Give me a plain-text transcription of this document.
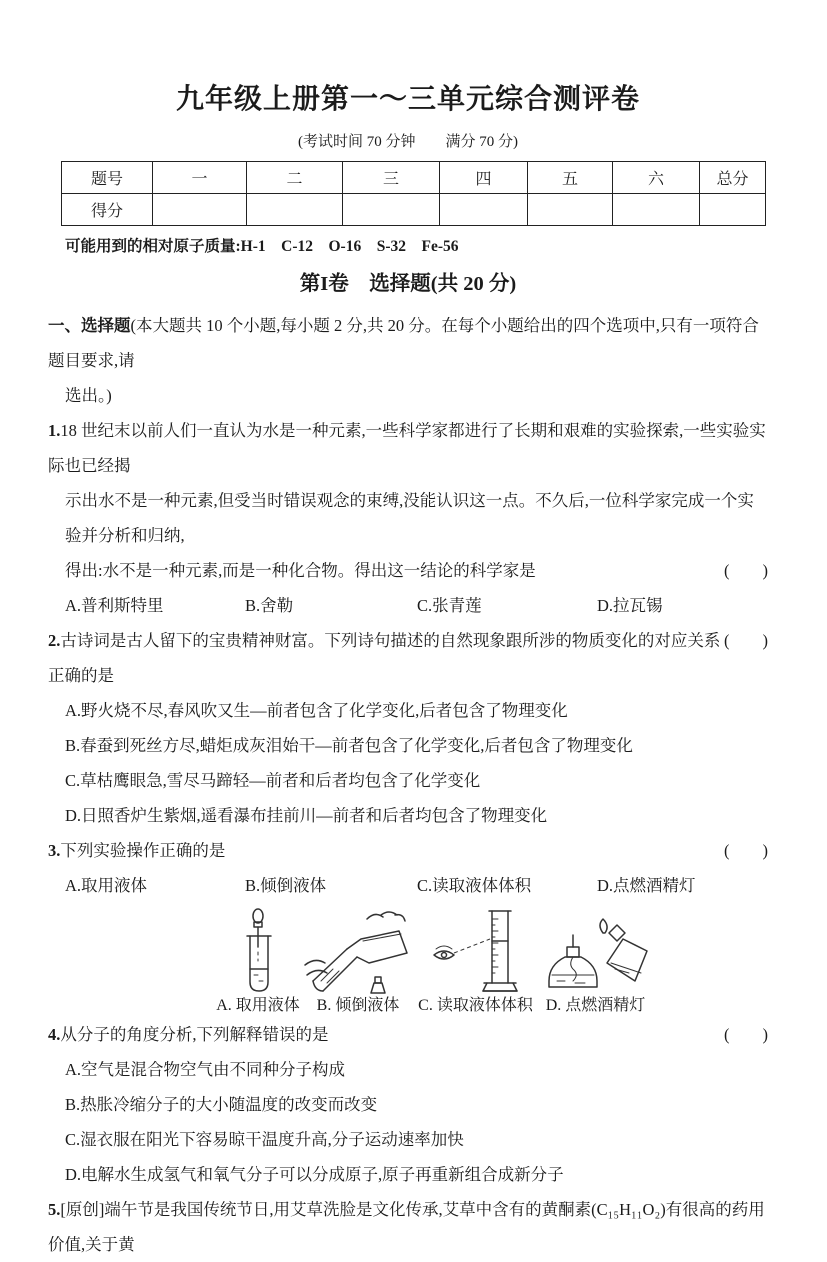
九年级上册第一～三单元综合测评卷
(考试时间 70 分钟　　满分 70 分)
题号	一	二	三	四	五	六	总分
得分							
可能用到的相对原子质量:H-1　C-12　O-16　S-32　Fe-56
第I卷　选择题(共 20 分)
一、选择题(本大题共 10 个小题,每小题 2 分,共 20 分。在每个小题给出的四个选项中,只有一项符合题目要求,请
选出。)
1.18 世纪末以前人们一直认为水是一种元素,一些科学家都进行了长期和艰难的实验探索,一些实验实际也已经揭
示出水不是一种元素,但受当时错误观念的束缚,没能认识这一点。不久后,一位科学家完成一个实验并分析和归纳,
得出:水不是一种元素,而是一种化合物。得出这一结论的科学家是	(　　)
A.普利斯特里	B.舍勒	C.张青莲	D.拉瓦锡
2.古诗词是古人留下的宝贵精神财富。下列诗句描述的自然现象跟所涉的物质变化的对应关系正确的是
(　　)
A.野火烧不尽,春风吹又生—前者包含了化学变化,后者包含了物理变化
B.春蚕到死丝方尽,蜡炬成灰泪始干—前者包含了化学变化,后者包含了物理变化
C.草枯鹰眼急,雪尽马蹄轻—前者和后者均包含了化学变化
D.日照香炉生紫烟,遥看瀑布挂前川—前者和后者均包含了物理变化
3.下列实验操作正确的是	(　　)
A.取用液体	B.倾倒液体	C.读取液体体积	D.点燃酒精灯
A. 取用液体 B. 倾倒液体 C. 读取液体体积 D. 点燃酒精灯
4.从分子的角度分析,下列解释错误的是	(　　)
A.空气是混合物空气由不同种分子构成
B.热胀冷缩分子的大小随温度的改变而改变
C.湿衣服在阳光下容易晾干温度升高,分子运动速率加快
D.电解水生成氢气和氧气分子可以分成原子,原子再重新组合成新分子
5.[原创]端午节是我国传统节日,用艾草洗脸是文化传承,艾草中含有的黄酮素(C₁₅H₁₁O₂)有很高的药用价值,关于黄
